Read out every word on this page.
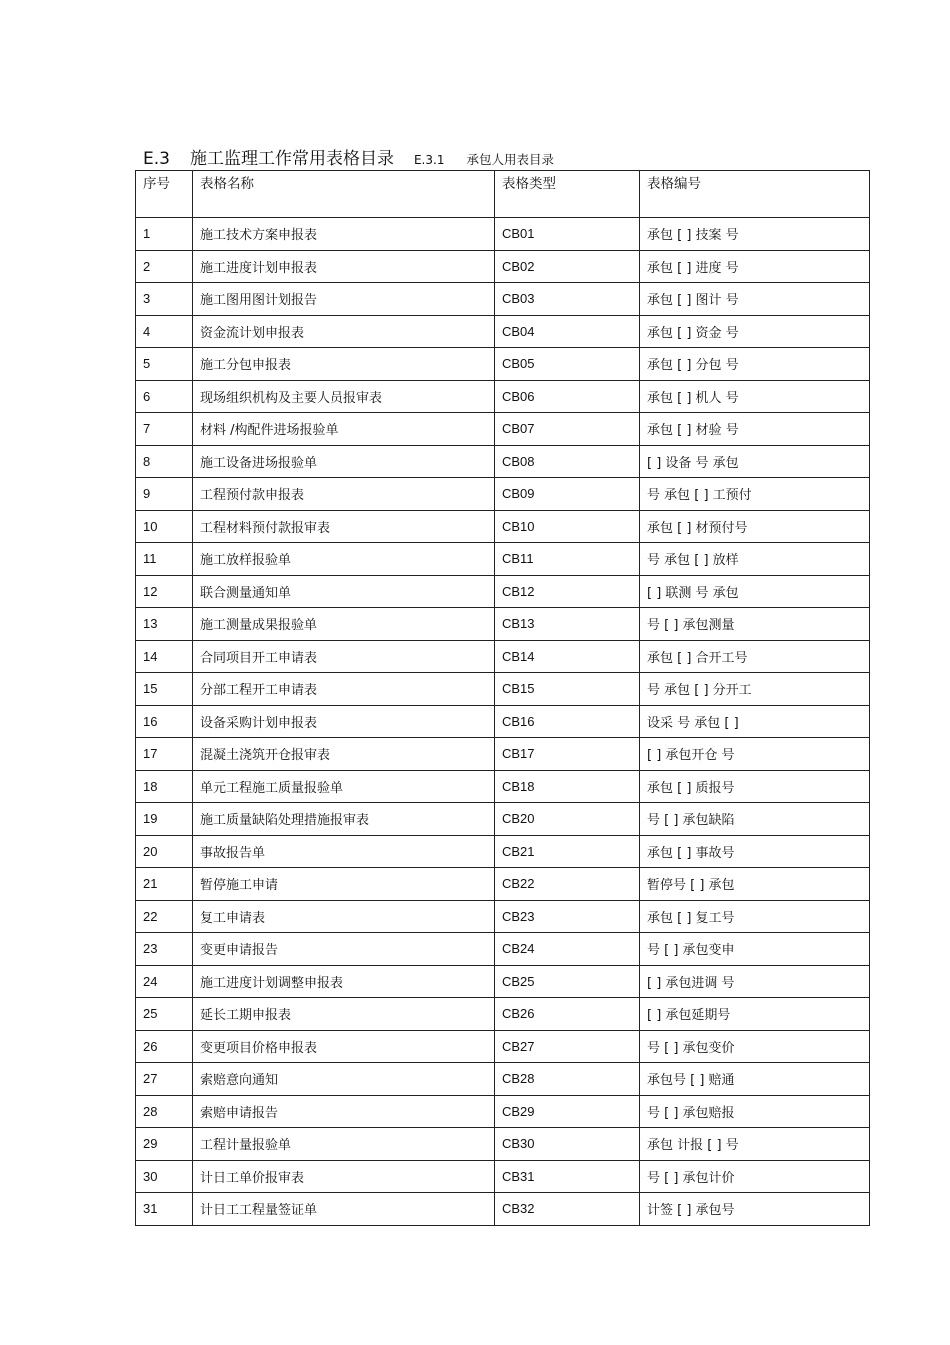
E.3 施工监理工作常用表格目录 E.3.1 承包人用表目录
序号	表格名称	表格类型	表格编号
1	施工技术方案申报表	CB01	承包 [ ] 技案 号
2	施工进度计划申报表	CB02	承包 [ ] 进度 号
3	施工图用图计划报告	CB03	承包 [ ] 图计 号
4	资金流计划申报表	CB04	承包 [ ] 资金 号
5	施工分包申报表	CB05	承包 [ ] 分包 号
6	现场组织机构及主要人员报审表	CB06	承包 [ ] 机人 号
7	材料 /构配件进场报验单	CB07	承包 [ ] 材验 号
8	施工设备进场报验单	CB08	[ ] 设备 号 承包
9	工程预付款申报表	CB09	号 承包 [ ] 工预付
10	工程材料预付款报审表	CB10	承包 [ ] 材预付号
11	施工放样报验单	CB11	号 承包 [ ] 放样
12	联合测量通知单	CB12	[ ] 联测 号 承包
13	施工测量成果报验单	CB13	号 [ ] 承包测量
14	合同项目开工申请表	CB14	承包 [ ] 合开工号
15	分部工程开工申请表	CB15	号 承包 [ ] 分开工
16	设备采购计划申报表	CB16	设采 号 承包 [ ]
17	混凝土浇筑开仓报审表	CB17	[ ] 承包开仓 号
18	单元工程施工质量报验单	CB18	承包 [ ] 质报号
19	施工质量缺陷处理措施报审表	CB20	号 [ ] 承包缺陷
20	事故报告单	CB21	承包 [ ] 事故号
21	暂停施工申请	CB22	暂停号 [ ] 承包
22	复工申请表	CB23	承包 [ ] 复工号
23	变更申请报告	CB24	号 [ ] 承包变申
24	施工进度计划调整申报表	CB25	[ ] 承包进调 号
25	延长工期申报表	CB26	[ ] 承包延期号
26	变更项目价格申报表	CB27	号 [ ] 承包变价
27	索赔意向通知	CB28	承包号 [ ] 赔通
28	索赔申请报告	CB29	号 [ ] 承包赔报
29	工程计量报验单	CB30	承包 计报 [ ] 号
30	计日工单价报审表	CB31	号 [ ] 承包计价
31	计日工工程量签证单	CB32	计签 [ ] 承包号
